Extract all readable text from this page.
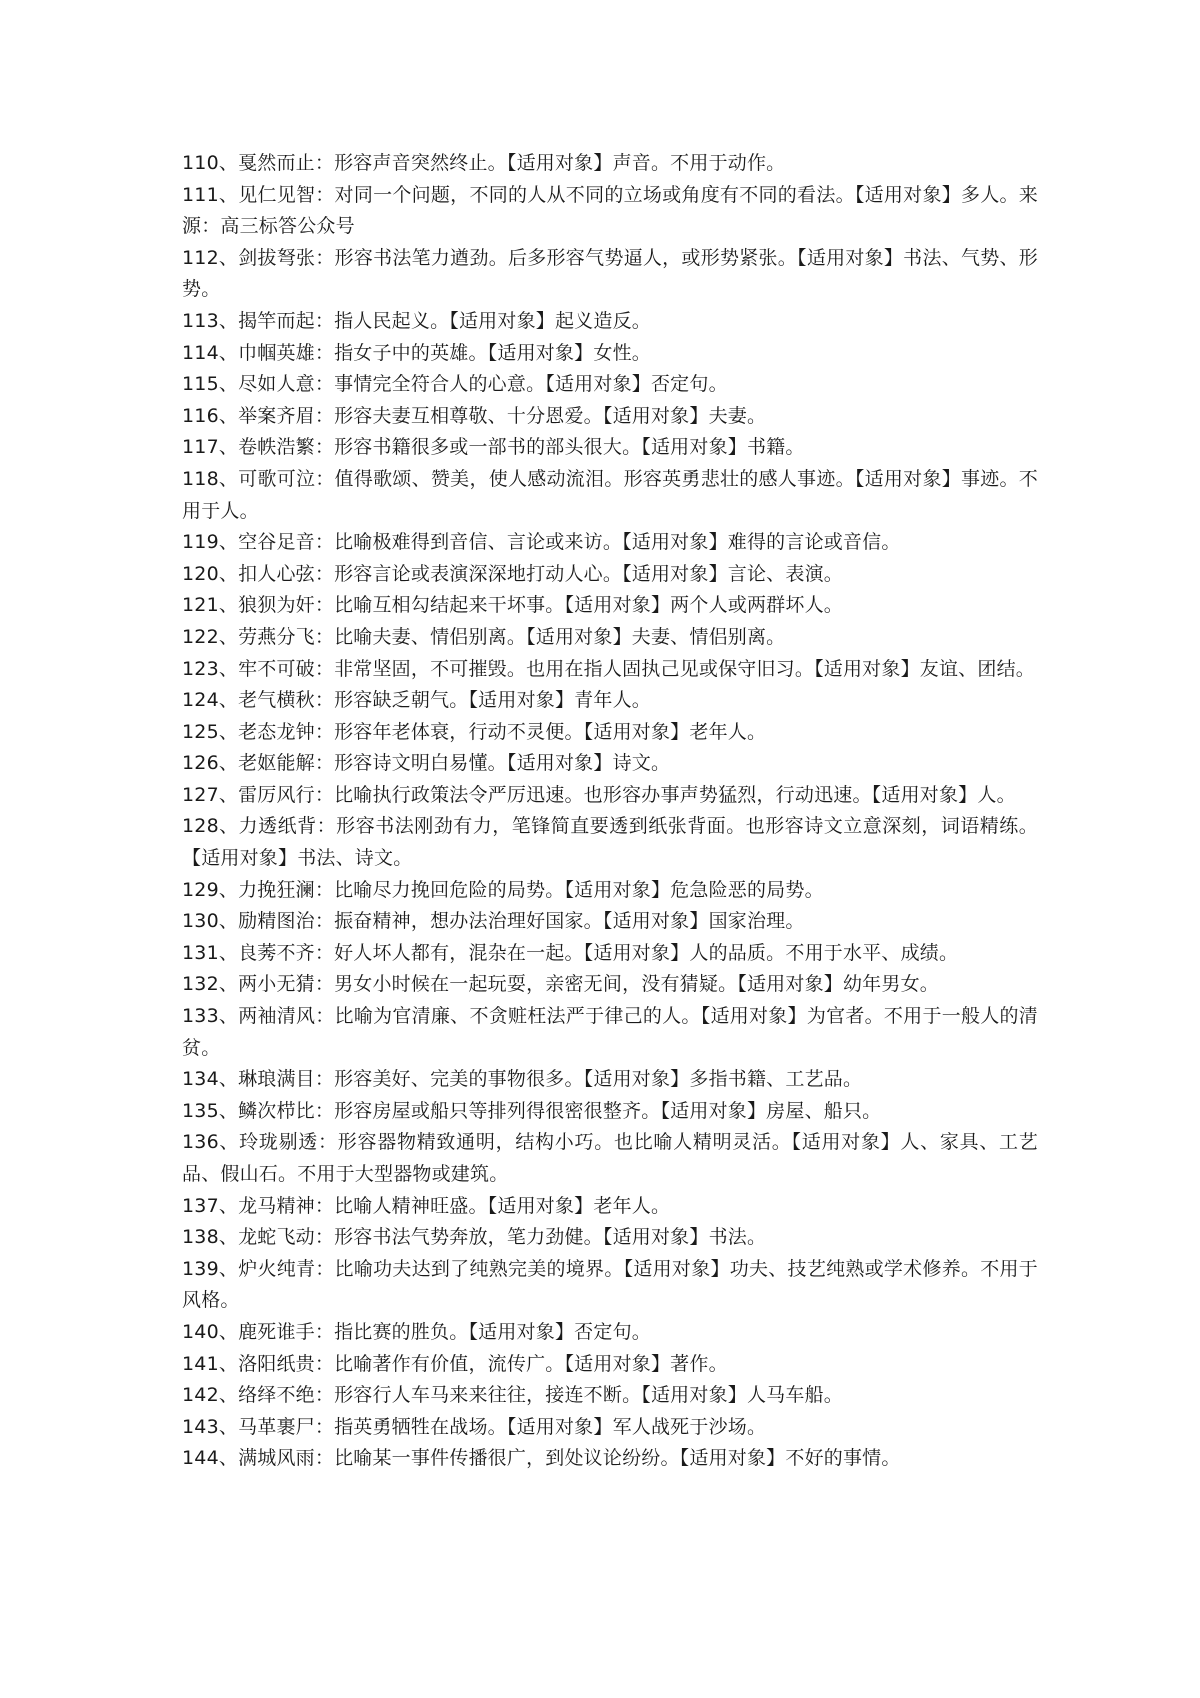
110、戛然而止：形容声音突然终止。【适用对象】声音。不用于动作。

111、见仁见智：对同一个问题，不同的人从不同的立场或角度有不同的看法。【适用对象】多人。来源：高三标答公众号

112、剑拔弩张：形容书法笔力遒劲。后多形容气势逼人，或形势紧张。【适用对象】书法、气势、形势。

113、揭竿而起：指人民起义。【适用对象】起义造反。

114、巾帼英雄：指女子中的英雄。【适用对象】女性。

115、尽如人意：事情完全符合人的心意。【适用对象】否定句。

116、举案齐眉：形容夫妻互相尊敬、十分恩爱。【适用对象】夫妻。

117、卷帙浩繁：形容书籍很多或一部书的部头很大。【适用对象】书籍。

118、可歌可泣：值得歌颂、赞美，使人感动流泪。形容英勇悲壮的感人事迹。【适用对象】事迹。不用于人。

119、空谷足音：比喻极难得到音信、言论或来访。【适用对象】难得的言论或音信。

120、扣人心弦：形容言论或表演深深地打动人心。【适用对象】言论、表演。

121、狼狈为奸：比喻互相勾结起来干坏事。【适用对象】两个人或两群坏人。

122、劳燕分飞：比喻夫妻、情侣别离。【适用对象】夫妻、情侣别离。

123、牢不可破：非常坚固，不可摧毁。也用在指人固执己见或保守旧习。【适用对象】友谊、团结。

124、老气横秋：形容缺乏朝气。【适用对象】青年人。

125、老态龙钟：形容年老体衰，行动不灵便。【适用对象】老年人。

126、老妪能解：形容诗文明白易懂。【适用对象】诗文。

127、雷厉风行：比喻执行政策法令严厉迅速。也形容办事声势猛烈，行动迅速。【适用对象】人。

128、力透纸背：形容书法刚劲有力，笔锋简直要透到纸张背面。也形容诗文立意深刻，词语精练。【适用对象】书法、诗文。

129、力挽狂澜：比喻尽力挽回危险的局势。【适用对象】危急险恶的局势。

130、励精图治：振奋精神，想办法治理好国家。【适用对象】国家治理。

131、良莠不齐：好人坏人都有，混杂在一起。【适用对象】人的品质。不用于水平、成绩。

132、两小无猜：男女小时候在一起玩耍，亲密无间，没有猜疑。【适用对象】幼年男女。

133、两袖清风：比喻为官清廉、不贪赃枉法严于律己的人。【适用对象】为官者。不用于一般人的清贫。

134、琳琅满目：形容美好、完美的事物很多。【适用对象】多指书籍、工艺品。

135、鳞次栉比：形容房屋或船只等排列得很密很整齐。【适用对象】房屋、船只。

136、玲珑剔透：形容器物精致通明，结构小巧。也比喻人精明灵活。【适用对象】人、家具、工艺品、假山石。不用于大型器物或建筑。

137、龙马精神：比喻人精神旺盛。【适用对象】老年人。

138、龙蛇飞动：形容书法气势奔放，笔力劲健。【适用对象】书法。

139、炉火纯青：比喻功夫达到了纯熟完美的境界。【适用对象】功夫、技艺纯熟或学术修养。不用于风格。

140、鹿死谁手：指比赛的胜负。【适用对象】否定句。

141、洛阳纸贵：比喻著作有价值，流传广。【适用对象】著作。

142、络绎不绝：形容行人车马来来往往，接连不断。【适用对象】人马车船。

143、马革裹尸：指英勇牺牲在战场。【适用对象】军人战死于沙场。

144、满城风雨：比喻某一事件传播很广，到处议论纷纷。【适用对象】不好的事情。
